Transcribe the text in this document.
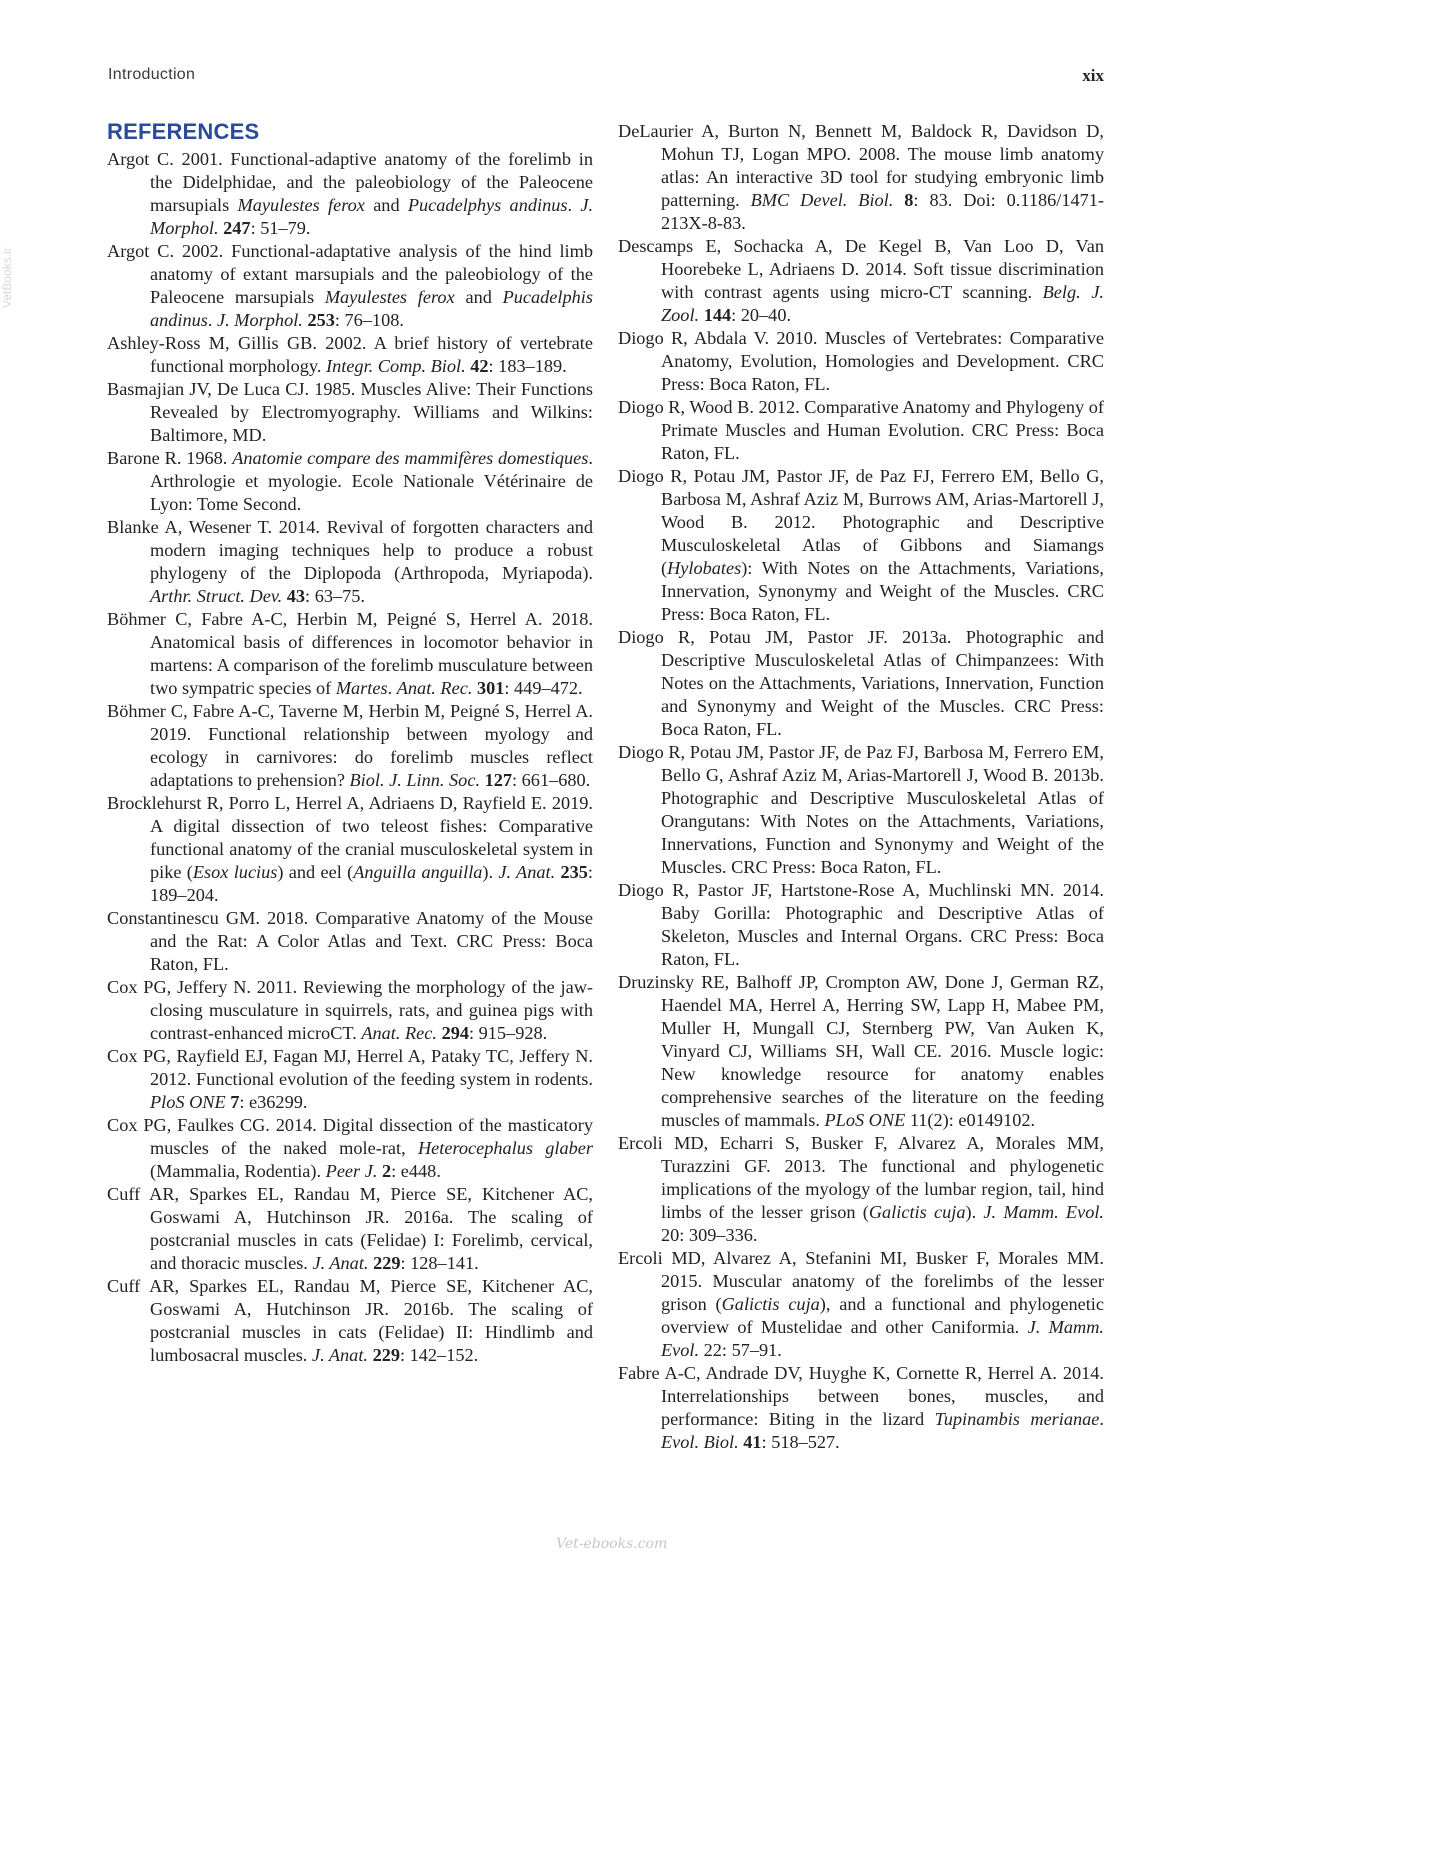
Introduction	xix
VetBooks.ir
REFERENCES

Argot C. 2001. Functional-adaptive anatomy of the forelimb in the Didelphidae, and the paleobiology of the Paleocene marsupials Mayulestes ferox and Pucadelphys andinus. J. Morphol. 247: 51–79.

Argot C. 2002. Functional-adaptative analysis of the hind limb anatomy of extant marsupials and the paleobiology of the Paleocene marsupials Mayulestes ferox and Pucadelphis andinus. J. Morphol. 253: 76–108.

Ashley-Ross M, Gillis GB. 2002. A brief history of vertebrate functional morphology. Integr. Comp. Biol. 42: 183–189.

Basmajian JV, De Luca CJ. 1985. Muscles Alive: Their Functions Revealed by Electromyography. Williams and Wilkins: Baltimore, MD.

Barone R. 1968. Anatomie compare des mammifères domestiques. Arthrologie et myologie. Ecole Nationale Vétérinaire de Lyon: Tome Second.

Blanke A, Wesener T. 2014. Revival of forgotten characters and modern imaging techniques help to produce a robust phylogeny of the Diplopoda (Arthropoda, Myriapoda). Arthr. Struct. Dev. 43: 63–75.

Böhmer C, Fabre A-C, Herbin M, Peigné S, Herrel A. 2018. Anatomical basis of differences in locomotor behavior in martens: A comparison of the forelimb musculature between two sympatric species of Martes. Anat. Rec. 301: 449–472.

Böhmer C, Fabre A-C, Taverne M, Herbin M, Peigné S, Herrel A. 2019. Functional relationship between myology and ecology in carnivores: do forelimb muscles reflect adaptations to prehension? Biol. J. Linn. Soc. 127: 661–680.

Brocklehurst R, Porro L, Herrel A, Adriaens D, Rayfield E. 2019. A digital dissection of two teleost fishes: Comparative functional anatomy of the cranial musculoskeletal system in pike (Esox lucius) and eel (Anguilla anguilla). J. Anat. 235: 189–204.

Constantinescu GM. 2018. Comparative Anatomy of the Mouse and the Rat: A Color Atlas and Text. CRC Press: Boca Raton, FL.

Cox PG, Jeffery N. 2011. Reviewing the morphology of the jaw-closing musculature in squirrels, rats, and guinea pigs with contrast-enhanced microCT. Anat. Rec. 294: 915–928.

Cox PG, Rayfield EJ, Fagan MJ, Herrel A, Pataky TC, Jeffery N. 2012. Functional evolution of the feeding system in rodents. PloS ONE 7: e36299.

Cox PG, Faulkes CG. 2014. Digital dissection of the masticatory muscles of the naked mole-rat, Heterocephalus glaber (Mammalia, Rodentia). Peer J. 2: e448.

Cuff AR, Sparkes EL, Randau M, Pierce SE, Kitchener AC, Goswami A, Hutchinson JR. 2016a. The scaling of postcranial muscles in cats (Felidae) I: Forelimb, cervical, and thoracic muscles. J. Anat. 229: 128–141.

Cuff AR, Sparkes EL, Randau M, Pierce SE, Kitchener AC, Goswami A, Hutchinson JR. 2016b. The scaling of postcranial muscles in cats (Felidae) II: Hindlimb and lumbosacral muscles. J. Anat. 229: 142–152.

DeLaurier A, Burton N, Bennett M, Baldock R, Davidson D, Mohun TJ, Logan MPO. 2008. The mouse limb anatomy atlas: An interactive 3D tool for studying embryonic limb patterning. BMC Devel. Biol. 8: 83. Doi: 0.1186/1471-213X-8-83.

Descamps E, Sochacka A, De Kegel B, Van Loo D, Van Hoorebeke L, Adriaens D. 2014. Soft tissue discrimination with contrast agents using micro-CT scanning. Belg. J. Zool. 144: 20–40.

Diogo R, Abdala V. 2010. Muscles of Vertebrates: Comparative Anatomy, Evolution, Homologies and Development. CRC Press: Boca Raton, FL.

Diogo R, Wood B. 2012. Comparative Anatomy and Phylogeny of Primate Muscles and Human Evolution. CRC Press: Boca Raton, FL.

Diogo R, Potau JM, Pastor JF, de Paz FJ, Ferrero EM, Bello G, Barbosa M, Ashraf Aziz M, Burrows AM, Arias-Martorell J, Wood B. 2012. Photographic and Descriptive Musculoskeletal Atlas of Gibbons and Siamangs (Hylobates): With Notes on the Attachments, Variations, Innervation, Synonymy and Weight of the Muscles. CRC Press: Boca Raton, FL.

Diogo R, Potau JM, Pastor JF. 2013a. Photographic and Descriptive Musculoskeletal Atlas of Chimpanzees: With Notes on the Attachments, Variations, Innervation, Function and Synonymy and Weight of the Muscles. CRC Press: Boca Raton, FL.

Diogo R, Potau JM, Pastor JF, de Paz FJ, Barbosa M, Ferrero EM, Bello G, Ashraf Aziz M, Arias-Martorell J, Wood B. 2013b. Photographic and Descriptive Musculoskeletal Atlas of Orangutans: With Notes on the Attachments, Variations, Innervations, Function and Synonymy and Weight of the Muscles. CRC Press: Boca Raton, FL.

Diogo R, Pastor JF, Hartstone-Rose A, Muchlinski MN. 2014. Baby Gorilla: Photographic and Descriptive Atlas of Skeleton, Muscles and Internal Organs. CRC Press: Boca Raton, FL.

Druzinsky RE, Balhoff JP, Crompton AW, Done J, German RZ, Haendel MA, Herrel A, Herring SW, Lapp H, Mabee PM, Muller H, Mungall CJ, Sternberg PW, Van Auken K, Vinyard CJ, Williams SH, Wall CE. 2016. Muscle logic: New knowledge resource for anatomy enables comprehensive searches of the literature on the feeding muscles of mammals. PLoS ONE 11(2): e0149102.

Ercoli MD, Echarri S, Busker F, Alvarez A, Morales MM, Turazzini GF. 2013. The functional and phylogenetic implications of the myology of the lumbar region, tail, hind limbs of the lesser grison (Galictis cuja). J. Mamm. Evol. 20: 309–336.

Ercoli MD, Alvarez A, Stefanini MI, Busker F, Morales MM. 2015. Muscular anatomy of the forelimbs of the lesser grison (Galictis cuja), and a functional and phylogenetic overview of Mustelidae and other Caniformia. J. Mamm. Evol. 22: 57–91.

Fabre A-C, Andrade DV, Huyghe K, Cornette R, Herrel A. 2014. Interrelationships between bones, muscles, and performance: Biting in the lizard Tupinambis merianae. Evol. Biol. 41: 518–527.

Vet-ebooks.com
